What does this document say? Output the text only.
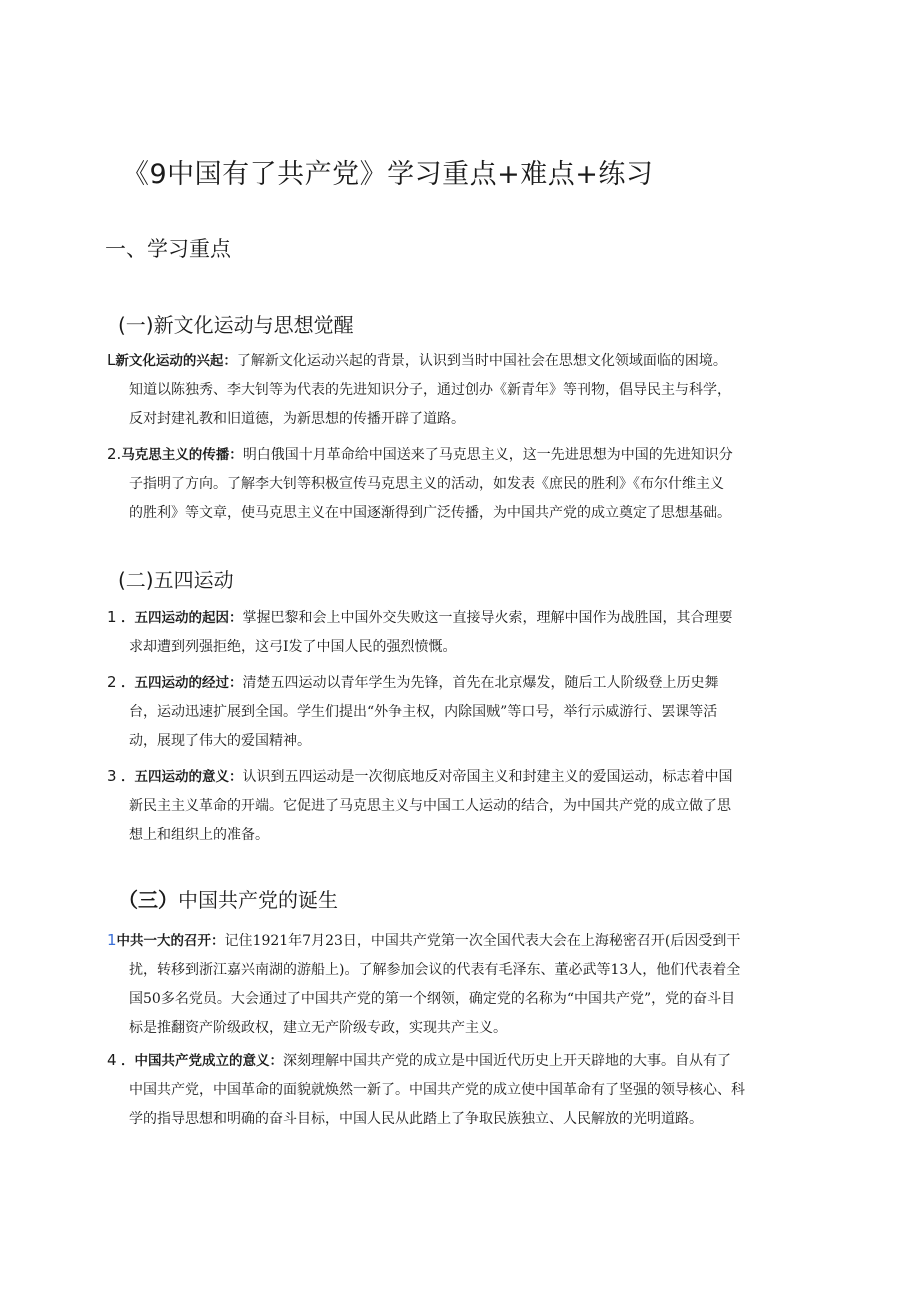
《9中国有了共产党》学习重点+难点+练习
一、学习重点
(一)新文化运动与思想觉醒
L新文化运动的兴起：了解新文化运动兴起的背景，认识到当时中国社会在思想文化领域面临的困境。
知道以陈独秀、李大钊等为代表的先进知识分子，通过创办《新青年》等刊物，倡导民主与科学，
反对封建礼教和旧道德，为新思想的传播开辟了道路。
2.马克思主义的传播：明白俄国十月革命给中国送来了马克思主义，这一先进思想为中国的先进知识分
子指明了方向。了解李大钊等积极宣传马克思主义的活动，如发表《庶民的胜利》《布尔什维主义
的胜利》等文章，使马克思主义在中国逐渐得到广泛传播，为中国共产党的成立奠定了思想基础。
(二)五四运动
1 ．五四运动的起因：掌握巴黎和会上中国外交失败这一直接导火索，理解中国作为战胜国，其合理要
求却遭到列强拒绝，这弓I发了中国人民的强烈愤慨。
2 ．五四运动的经过：清楚五四运动以青年学生为先锋，首先在北京爆发，随后工人阶级登上历史舞
台，运动迅速扩展到全国。学生们提出“外争主权，内除国贼”等口号，举行示威游行、罢课等活
动，展现了伟大的爱国精神。
3 ．五四运动的意义：认识到五四运动是一次彻底地反对帝国主义和封建主义的爱国运动，标志着中国
新民主主义革命的开端。它促进了马克思主义与中国工人运动的结合，为中国共产党的成立做了思
想上和组织上的准备。
（三）中国共产党的诞生
1中共一大的召开：记住1921年7月23日，中国共产党第一次全国代表大会在上海秘密召开(后因受到干
扰，转移到浙江嘉兴南湖的游船上)。了解参加会议的代表有毛泽东、董必武等13人，他们代表着全
国50多名党员。大会通过了中国共产党的第一个纲领，确定党的名称为“中国共产党”，党的奋斗目
标是推翻资产阶级政权，建立无产阶级专政，实现共产主义。
4 ．中国共产党成立的意义：深刻理解中国共产党的成立是中国近代历史上开天辟地的大事。自从有了
中国共产党，中国革命的面貌就焕然一新了。中国共产党的成立使中国革命有了坚强的领导核心、科
学的指导思想和明确的奋斗目标，中国人民从此踏上了争取民族独立、人民解放的光明道路。
